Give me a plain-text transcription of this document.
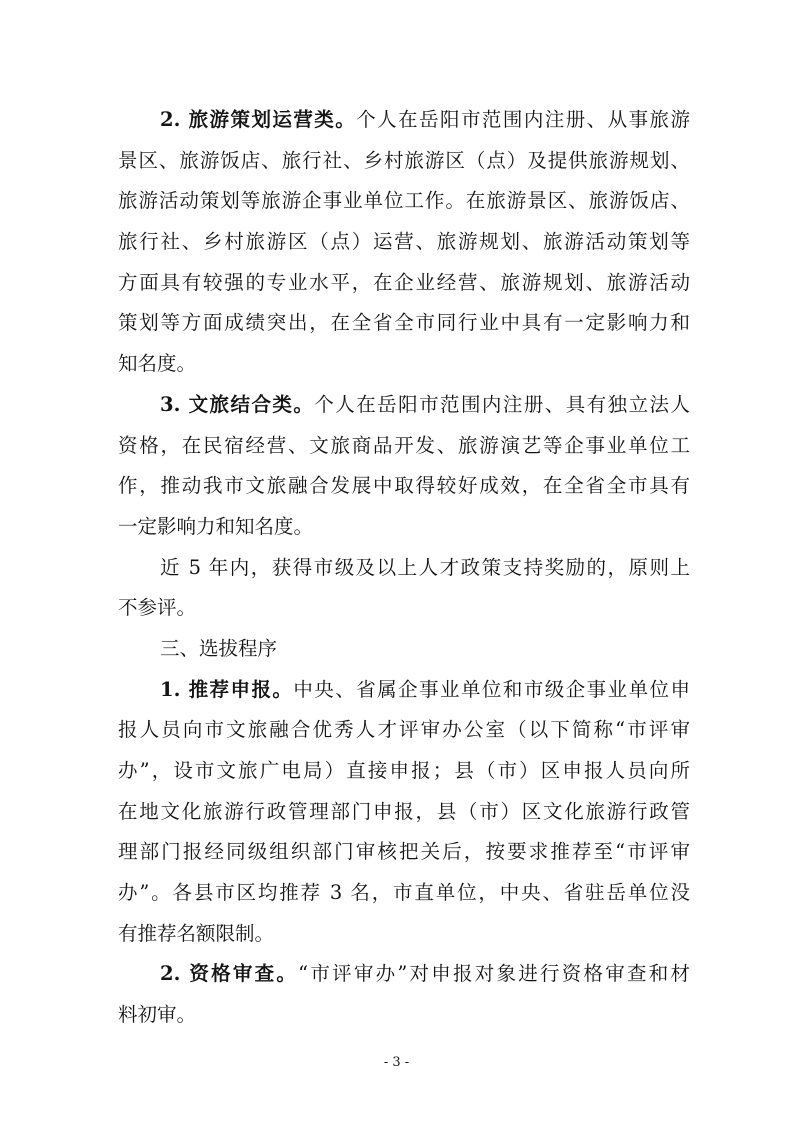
2. 旅游策划运营类。个人在岳阳市范围内注册、从事旅游
景区、旅游饭店、旅行社、乡村旅游区（点）及提供旅游规划、
旅游活动策划等旅游企事业单位工作。在旅游景区、旅游饭店、
旅行社、乡村旅游区（点）运营、旅游规划、旅游活动策划等
方面具有较强的专业水平，在企业经营、旅游规划、旅游活动
策划等方面成绩突出，在全省全市同行业中具有一定影响力和
知名度。
3. 文旅结合类。个人在岳阳市范围内注册、具有独立法人
资格，在民宿经营、文旅商品开发、旅游演艺等企事业单位工
作，推动我市文旅融合发展中取得较好成效，在全省全市具有
一定影响力和知名度。
近 5 年内，获得市级及以上人才政策支持奖励的，原则上
不参评。
三、选拔程序
1. 推荐申报。中央、省属企事业单位和市级企事业单位申
报人员向市文旅融合优秀人才评审办公室（以下简称“市评审
办”，设市文旅广电局）直接申报；县（市）区申报人员向所
在地文化旅游行政管理部门申报，县（市）区文化旅游行政管
理部门报经同级组织部门审核把关后，按要求推荐至“市评审
办”。各县市区均推荐 3 名，市直单位，中央、省驻岳单位没
有推荐名额限制。
2. 资格审查。“市评审办”对申报对象进行资格审查和材
料初审。
- 3 -
